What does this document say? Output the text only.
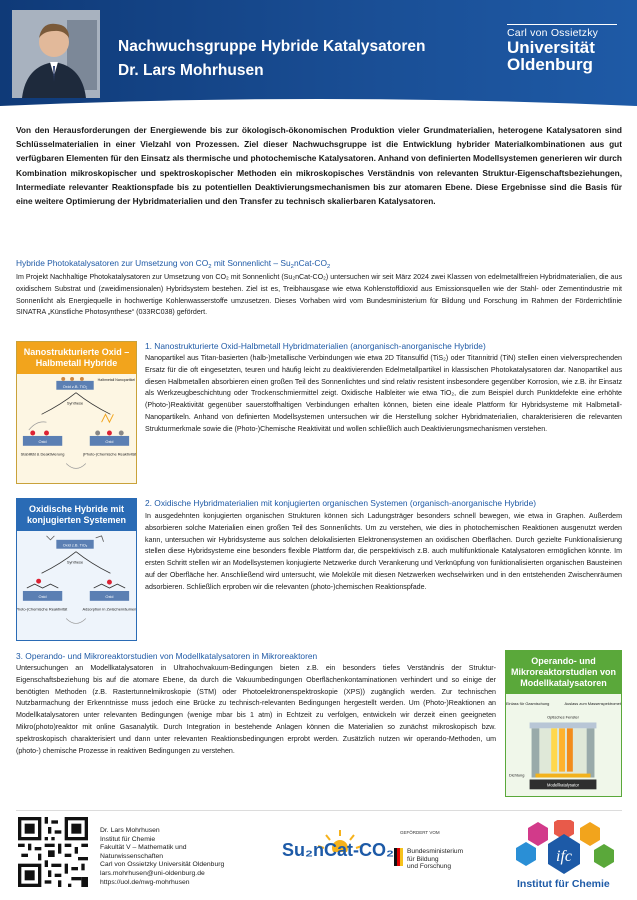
Nachwuchsgruppe Hybride Katalysatoren
Dr. Lars Mohrhusen
Carl von Ossietzky
Universität
Oldenburg
Von den Herausforderungen der Energiewende bis zur ökologisch-ökonomischen Produktion vieler Grundmaterialien, heterogene Katalysatoren sind Schlüsselmaterialien in einer Vielzahl von Prozessen. Ziel dieser Nachwuchsgruppe ist die Entwicklung hybrider Materialkombinationen aus gut verfügbaren Elementen für den Einsatz als thermische und photochemische Katalysatoren. Anhand von definierten Modellsystemen generieren wir durch Kombination mikroskopischer und spektroskopischer Methoden ein mikroskopisches Verständnis von relevanten Struktur-Eigenschaftsbeziehungen, Intermediate relevanter Reaktionspfade bis zu potentiellen Deaktivierungsmechanismen bis zur atomaren Ebene. Diese Ergebnisse sind die Basis für eine weitere Optimierung der Hybridmaterialien und den Transfer zu technisch skalierbaren Katalysatoren.
Hybride Photokatalysatoren zur Umsetzung von $CO_2$ mit Sonnenlicht – $Su_2nCat-CO_2$
Im Projekt Nachhaltige Photokatalysatoren zur Umsetzung von CO₂ mit Sonnenlicht (Su₂nCat-CO₂) untersuchen wir seit März 2024 zwei Klassen von edelmetallfreien Hybridmaterialien, die aus oxidischem Substrat und (zweidimensionalen) Hybridsystem bestehen. Ziel ist es, Treibhausgase wie etwa Kohlenstoffdioxid aus Emissionsquellen wie der Stahl- oder Zementindustrie mit Sonnenlicht als Energiequelle in hochwertige Kohlenwasserstoffe umzusetzen. Dieses Vorhaben wird vom Bundesministerium für Bildung und Forschung im Rahmen der Förderrichtlinie SINATRA „Künstliche Photosynthese“ (033RC038) gefördert.
Nanostrukturierte Oxid – Halbmetall Hybride
Oxid z.B. TiO₂
Halbmetall Nanopartikel
Synthese
Oxid	Oxid
Stabilität & Deaktivierung	(Photo-)Chemische Reaktivität
1. Nanostrukturierte Oxid-Halbmetall Hybridmaterialien (anorganisch-anorganische Hybride)
Nanopartikel aus Titan-basierten (halb-)metallische Verbindungen wie etwa 2D Titansulfid (TiS₂) oder Titannitrid (TiN) stellen einen vielversprechenden Ersatz für die oft eingesetzten, teuren und häufig leicht zu deaktivierenden Edelmetallpartikel in klassischen Photokatalysatoren dar. Nanopartikel aus diesen Halbmetallen absorbieren einen großen Teil des Sonnenlichtes und sind relativ resistent insbesondere gegenüber Korrosion, wie z.B. ihr Einsatz als Werkzeugbeschichtung oder Trockenschmiermittel zeigt. Oxidische Halbleiter wie etwa TiO₂, die zum Beispiel durch Punktdefekte eine erhöhte (Photo-)Reaktivität gegenüber sauerstoffhaltigen Verbindungen erhalten können, bieten eine ideale Plattform für Hybridsysteme mit Halbmetall-Nanopartikeln. Anhand von definierten Modellsystemen untersuchen wir die Herstellung solcher Hybridmaterialien, charakterisieren die relevanten Strukturmerkmale sowie die (Photo-)Chemische Reaktivität und wollen schließlich auch Deaktivierungsmechanismen verstehen.
Oxidische Hybride mit konjugierten Systemen
Oxid z.B. TiO₂
Synthese
Oxid	Oxid
(Photo-)Chemische Reaktivität	Adsorption in Zwischenräumen
2. Oxidische Hybridmaterialien mit konjugierten organischen Systemen (organisch-anorganische Hybride)
In ausgedehnten konjugierten organischen Strukturen können sich Ladungsträger besonders schnell bewegen, wie etwa in Graphen. Außerdem absorbieren solche Materialien einen großen Teil des Sonnenlichts. Um zu verstehen, wie dies in photochemischen Reaktionen ausgenutzt werden kann, untersuchen wir Hybridsysteme aus solchen delokalisierten Elektronensystemen an oxidischen Oberflächen. Durch gezielte Funktionalisierung stellen diese Hybridsysteme eine besonders flexible Plattform dar, die perspektivisch z.B. auch multifunktionale Katalysatoren ermöglichen könnte. Im ersten Schritt stellen wir an Modellsystemen konjugierte Netzwerke durch Verankerung und Verknüpfung von funktionalisierten organischen Bausteinen auf der Oberfläche her. Anschließend wird untersucht, wie Moleküle mit diesen Netzwerken wechselwirken und in den entstehenden Zwischenräumen adsorbieren. Schließlich erproben wir die relevanten (photo-)chemischen Reaktionspfade.
3. Operando- und Mikroreaktorstudien von Modellkatalysatoren in Mikroreaktoren
Untersuchungen an Modellkatalysatoren in Ultrahochvakuum-Bedingungen bieten z.B. ein besonders tiefes Verständnis der Struktur-Eigenschaftsbeziehung bis auf die atomare Ebene, da durch die Vakuumbedingungen Oberflächenkontaminationen verhindert und so einige der benötigten Methoden (z.B. Rastertunnelmikroskopie (STM) oder Photoelektronenspektroskopie (XPS)) zugänglich werden. Zur technischen Nutzbarmachung der Erkenntnisse muss jedoch eine Brücke zu technisch-relevanten Bedingungen hergestellt werden. Um (Photo-)Reaktionen an Modellkatalysatoren unter relevanten Bedingungen (wenige mbar bis 1 atm) in Echtzeit zu verfolgen, entwickeln wir derzeit einen geeigneten Mikro(photo)reaktor mit online Gasanalytik. Durch Integration in bestehende Anlagen können die Materialien so zunächst mikroskopisch bzw. spektroskopisch charakterisiert und dann unter relevanten Reaktionsbedingungen erprobt werden. Zusätzlich nutzen wir operando-Methoden, um (photo-) chemische Prozesse in reaktiven Bedingungen zu verstehen.
Operando- und Mikroreaktorstudien von Modellkatalysatoren
Einlass für Gasmischung	Auslass zum Massenspektrometer
Optisches Fenster
Dichtung
Modellkatalysator
Dr. Lars Mohrhusen
Institut für Chemie
Fakultät V – Mathematik und
Naturwissenschaften
Carl von Ossietzky Universität Oldenburg
lars.mohrhusen@uni-oldenburg.de
https://uol.de/nwg-mohrhusen
Su₂nCat-CO₂
GEFÖRDERT VOM
Bundesministerium
für Bildung
und Forschung
ifc
Institut für Chemie
